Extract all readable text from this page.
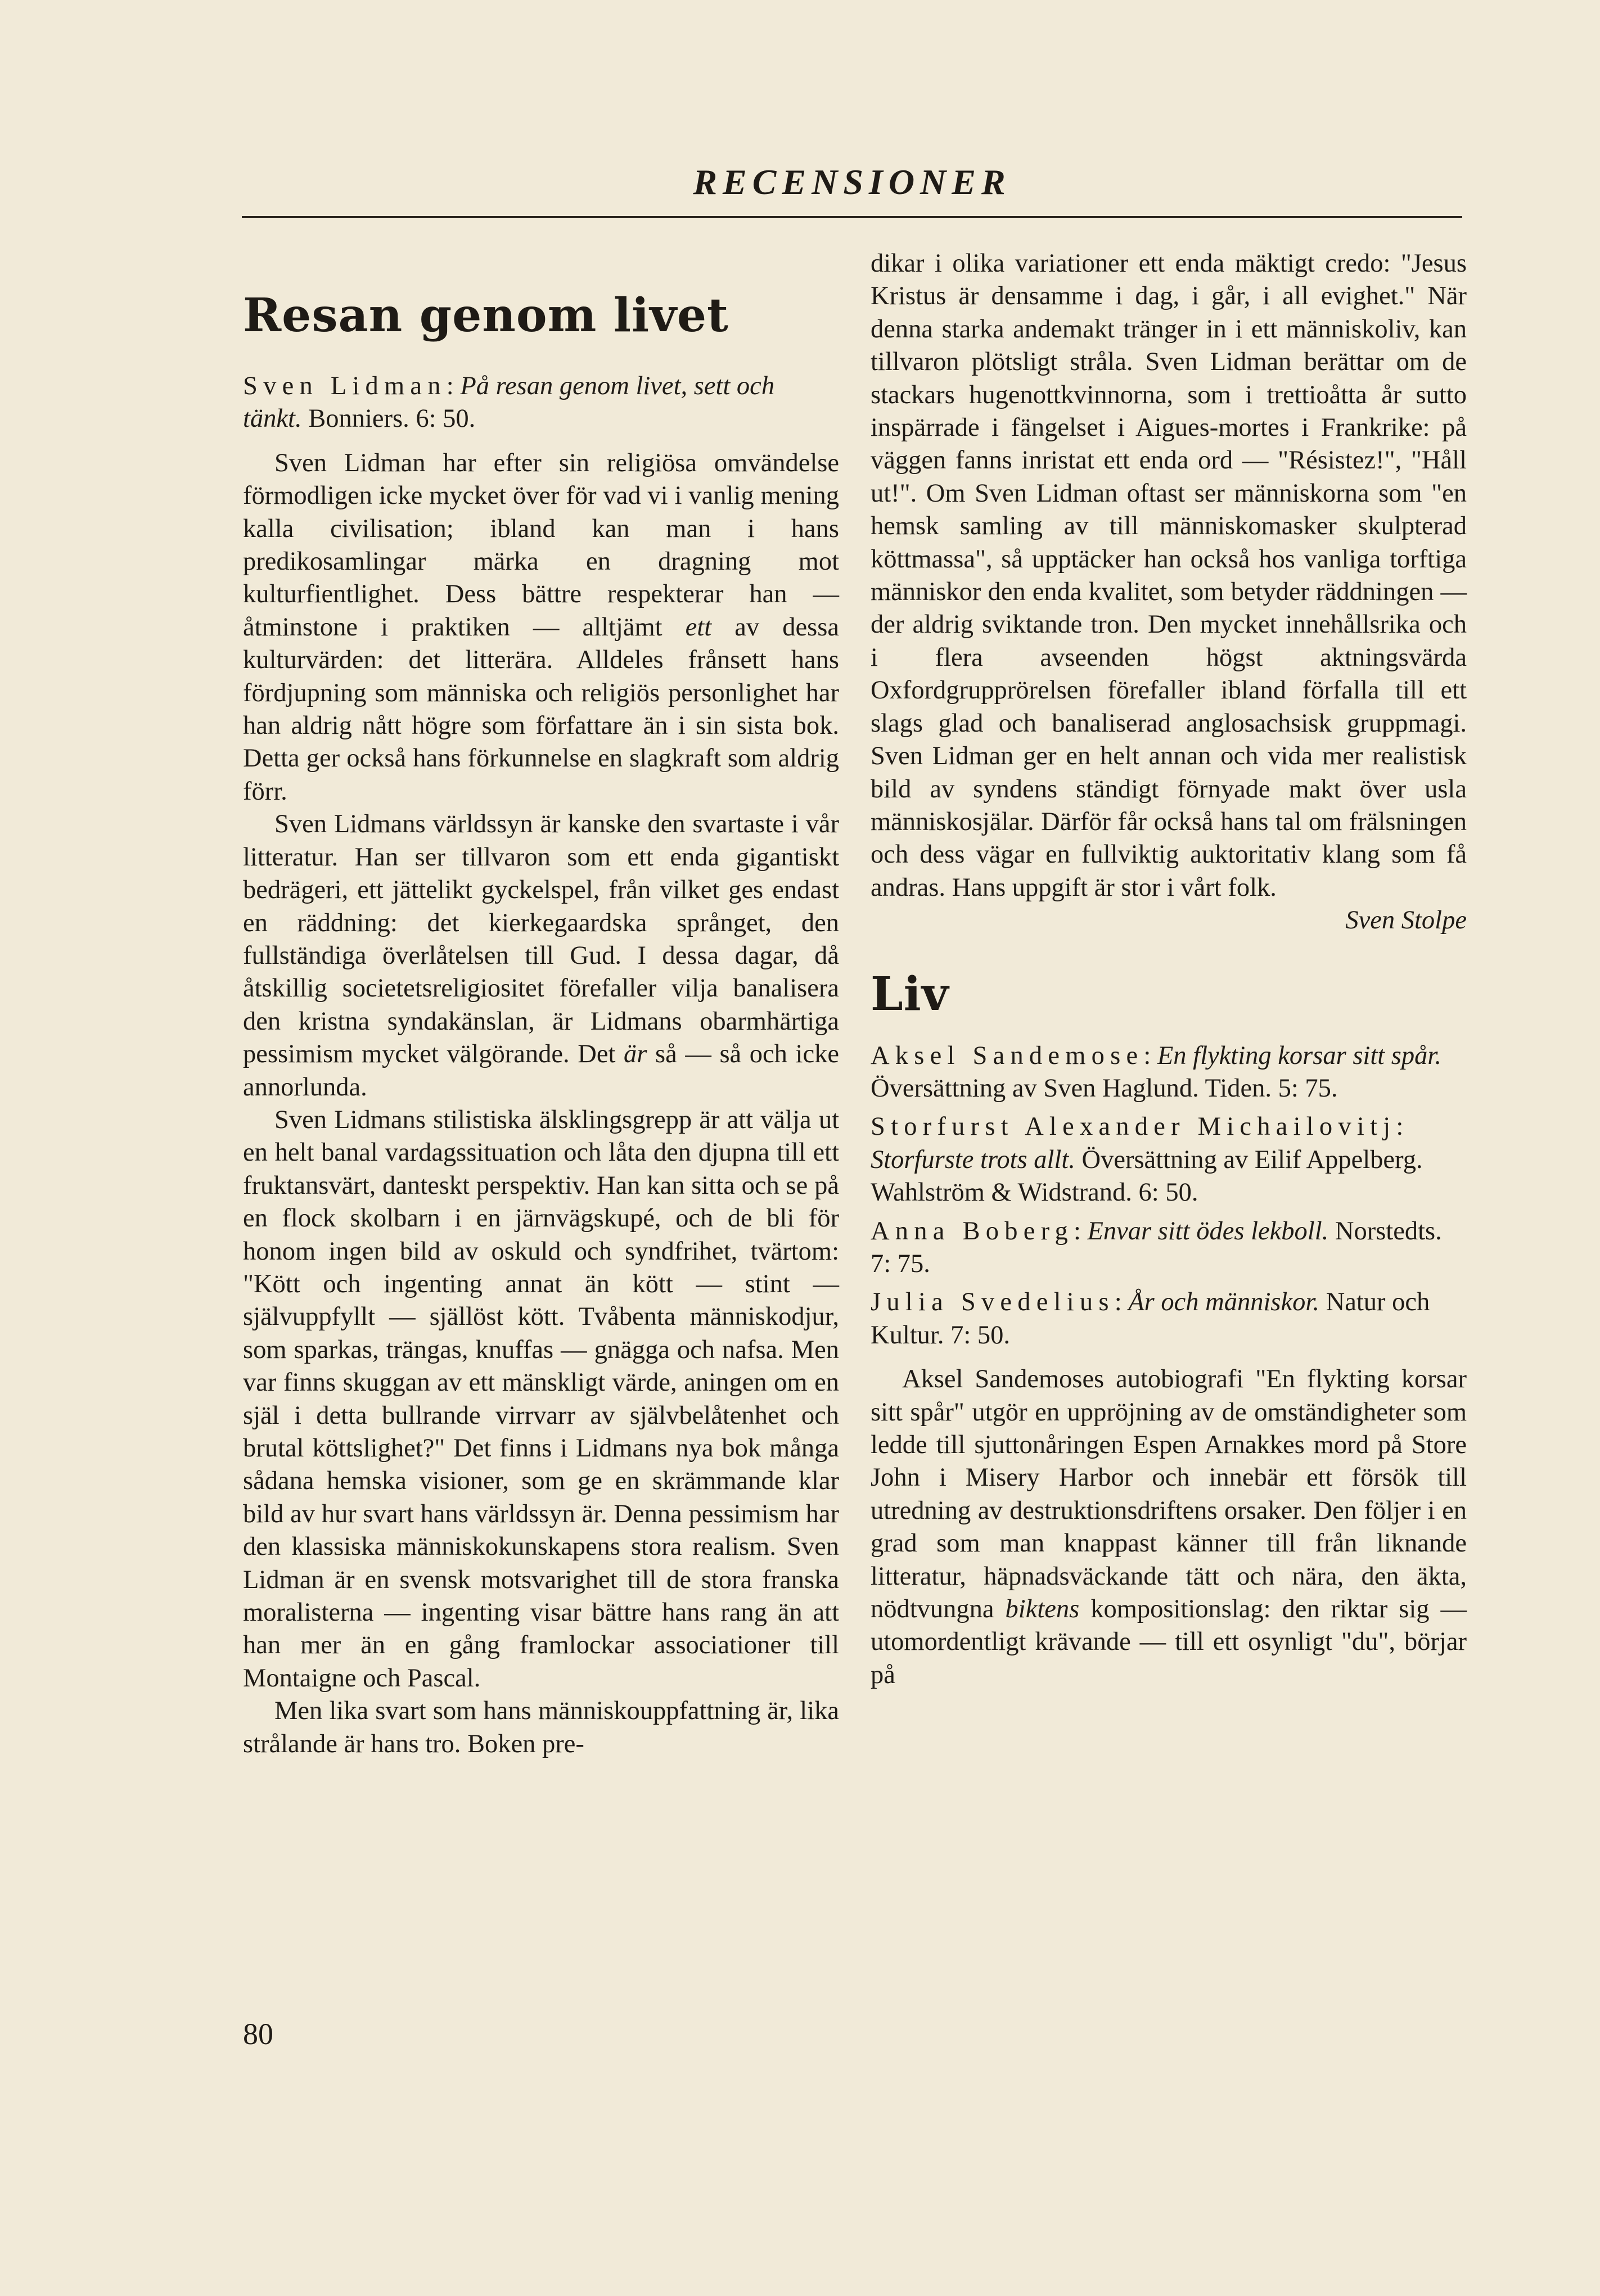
RECENSIONER
Resan genom livet
Sven Lidman: På resan genom livet, sett och tänkt. Bonniers. 6: 50.

Sven Lidman har efter sin religiösa omvändelse förmodligen icke mycket över för vad vi i vanlig mening kalla civilisation; ibland kan man i hans predikosamlingar märka en dragning mot kulturfientlighet. Dess bättre respekterar han — åtminstone i praktiken — alltjämt ett av dessa kulturvärden: det litterära. Alldeles frånsett hans fördjupning som människa och religiös personlighet har han aldrig nått högre som författare än i sin sista bok. Detta ger också hans förkunnelse en slagkraft som aldrig förr.

Sven Lidmans världssyn är kanske den svartaste i vår litteratur. Han ser tillvaron som ett enda gigantiskt bedrägeri, ett jättelikt gyckelspel, från vilket ges endast en räddning: det kierkegaardska språnget, den fullständiga överlåtelsen till Gud. I dessa dagar, då åtskillig societetsreligiositet förefaller vilja banalisera den kristna syndakänslan, är Lidmans obarmhärtiga pessimism mycket välgörande. Det är så — så och icke annorlunda.

Sven Lidmans stilistiska älsklingsgrepp är att välja ut en helt banal vardagssituation och låta den djupna till ett fruktansvärt, danteskt perspektiv. Han kan sitta och se på en flock skolbarn i en järnvägskupé, och de bli för honom ingen bild av oskuld och syndfrihet, tvärtom: "Kött och ingenting annat än kött — stint — självuppfyllt — själlöst kött. Tvåbenta människodjur, som sparkas, trängas, knuffas — gnägga och nafsa. Men var finns skuggan av ett mänskligt värde, aningen om en själ i detta bullrande virrvarr av självbelåtenhet och brutal köttslighet?" Det finns i Lidmans nya bok många sådana hemska visioner, som ge en skrämmande klar bild av hur svart hans världssyn är. Denna pessimism har den klassiska människokunskapens stora realism. Sven Lidman är en svensk motsvarighet till de stora franska moralisterna — ingenting visar bättre hans rang än att han mer än en gång framlockar associationer till Montaigne och Pascal.

Men lika svart som hans människouppfattning är, lika strålande är hans tro. Boken pre-

dikar i olika variationer ett enda mäktigt credo: "Jesus Kristus är densamme i dag, i går, i all evighet." När denna starka andemakt tränger in i ett människoliv, kan tillvaron plötsligt stråla. Sven Lidman berättar om de stackars hugenottkvinnorna, som i trettioåtta år sutto inspärrade i fängelset i Aigues-mortes i Frankrike: på väggen fanns inristat ett enda ord — "Résistez!", "Håll ut!". Om Sven Lidman oftast ser människorna som "en hemsk samling av till människomasker skulpterad köttmassa", så upptäcker han också hos vanliga torftiga människor den enda kvalitet, som betyder räddningen — der aldrig sviktande tron. Den mycket innehållsrika och i flera avseenden högst aktningsvärda Oxfordgrupprörelsen förefaller ibland förfalla till ett slags glad och banaliserad anglosachsisk gruppmagi. Sven Lidman ger en helt annan och vida mer realistisk bild av syndens ständigt förnyade makt över usla människosjälar. Därför får också hans tal om frälsningen och dess vägar en fullviktig auktoritativ klang som få andras. Hans uppgift är stor i vårt folk.

Sven Stolpe

Liv
Aksel Sandemose: En flykting korsar sitt spår. Översättning av Sven Haglund. Tiden. 5: 75.
Storfurst Alexander Michailovitj: Storfurste trots allt. Översättning av Eilif Appelberg. Wahlström & Widstrand. 6: 50.
Anna Boberg: Envar sitt ödes lekboll. Norstedts. 7: 75.
Julia Svedelius: År och människor. Natur och Kultur. 7: 50.

Aksel Sandemoses autobiografi "En flykting korsar sitt spår" utgör en uppröjning av de omständigheter som ledde till sjuttonåringen Espen Arnakkes mord på Store John i Misery Harbor och innebär ett försök till utredning av destruktionsdriftens orsaker. Den följer i en grad som man knappast känner till från liknande litteratur, häpnadsväckande tätt och nära, den äkta, nödtvungna biktens kompositionslag: den riktar sig — utomordentligt krävande — till ett osynligt "du", börjar på

80
